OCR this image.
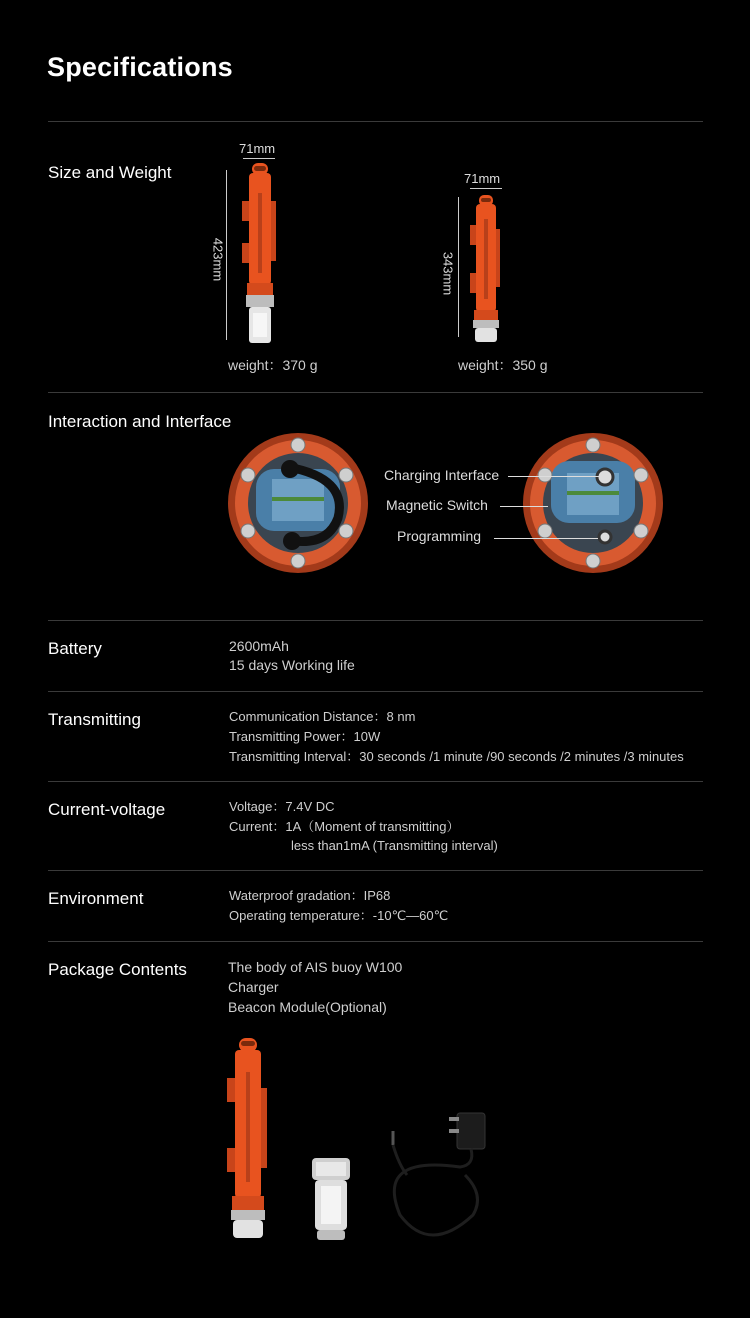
Specifications
Size and Weight
71mm
423mm
weight：370 g
71mm
343mm
weight：350 g
Interaction and Interface
Charging Interface
Magnetic Switch
Programming
Battery	2600mAh
15 days Working life
Transmitting	Communication Distance：8 nm
Transmitting Power：10W
Transmitting Interval：30 seconds /1 minute /90 seconds /2 minutes /3 minutes
Current-voltage	Voltage：7.4V DC
Current：1A（Moment of transmitting）
less than1mA (Transmitting interval)
Environment	Waterproof gradation：IP68
Operating temperature：-10℃—60℃
Package Contents	The body of AIS buoy W100
Charger
Beacon Module(Optional)
